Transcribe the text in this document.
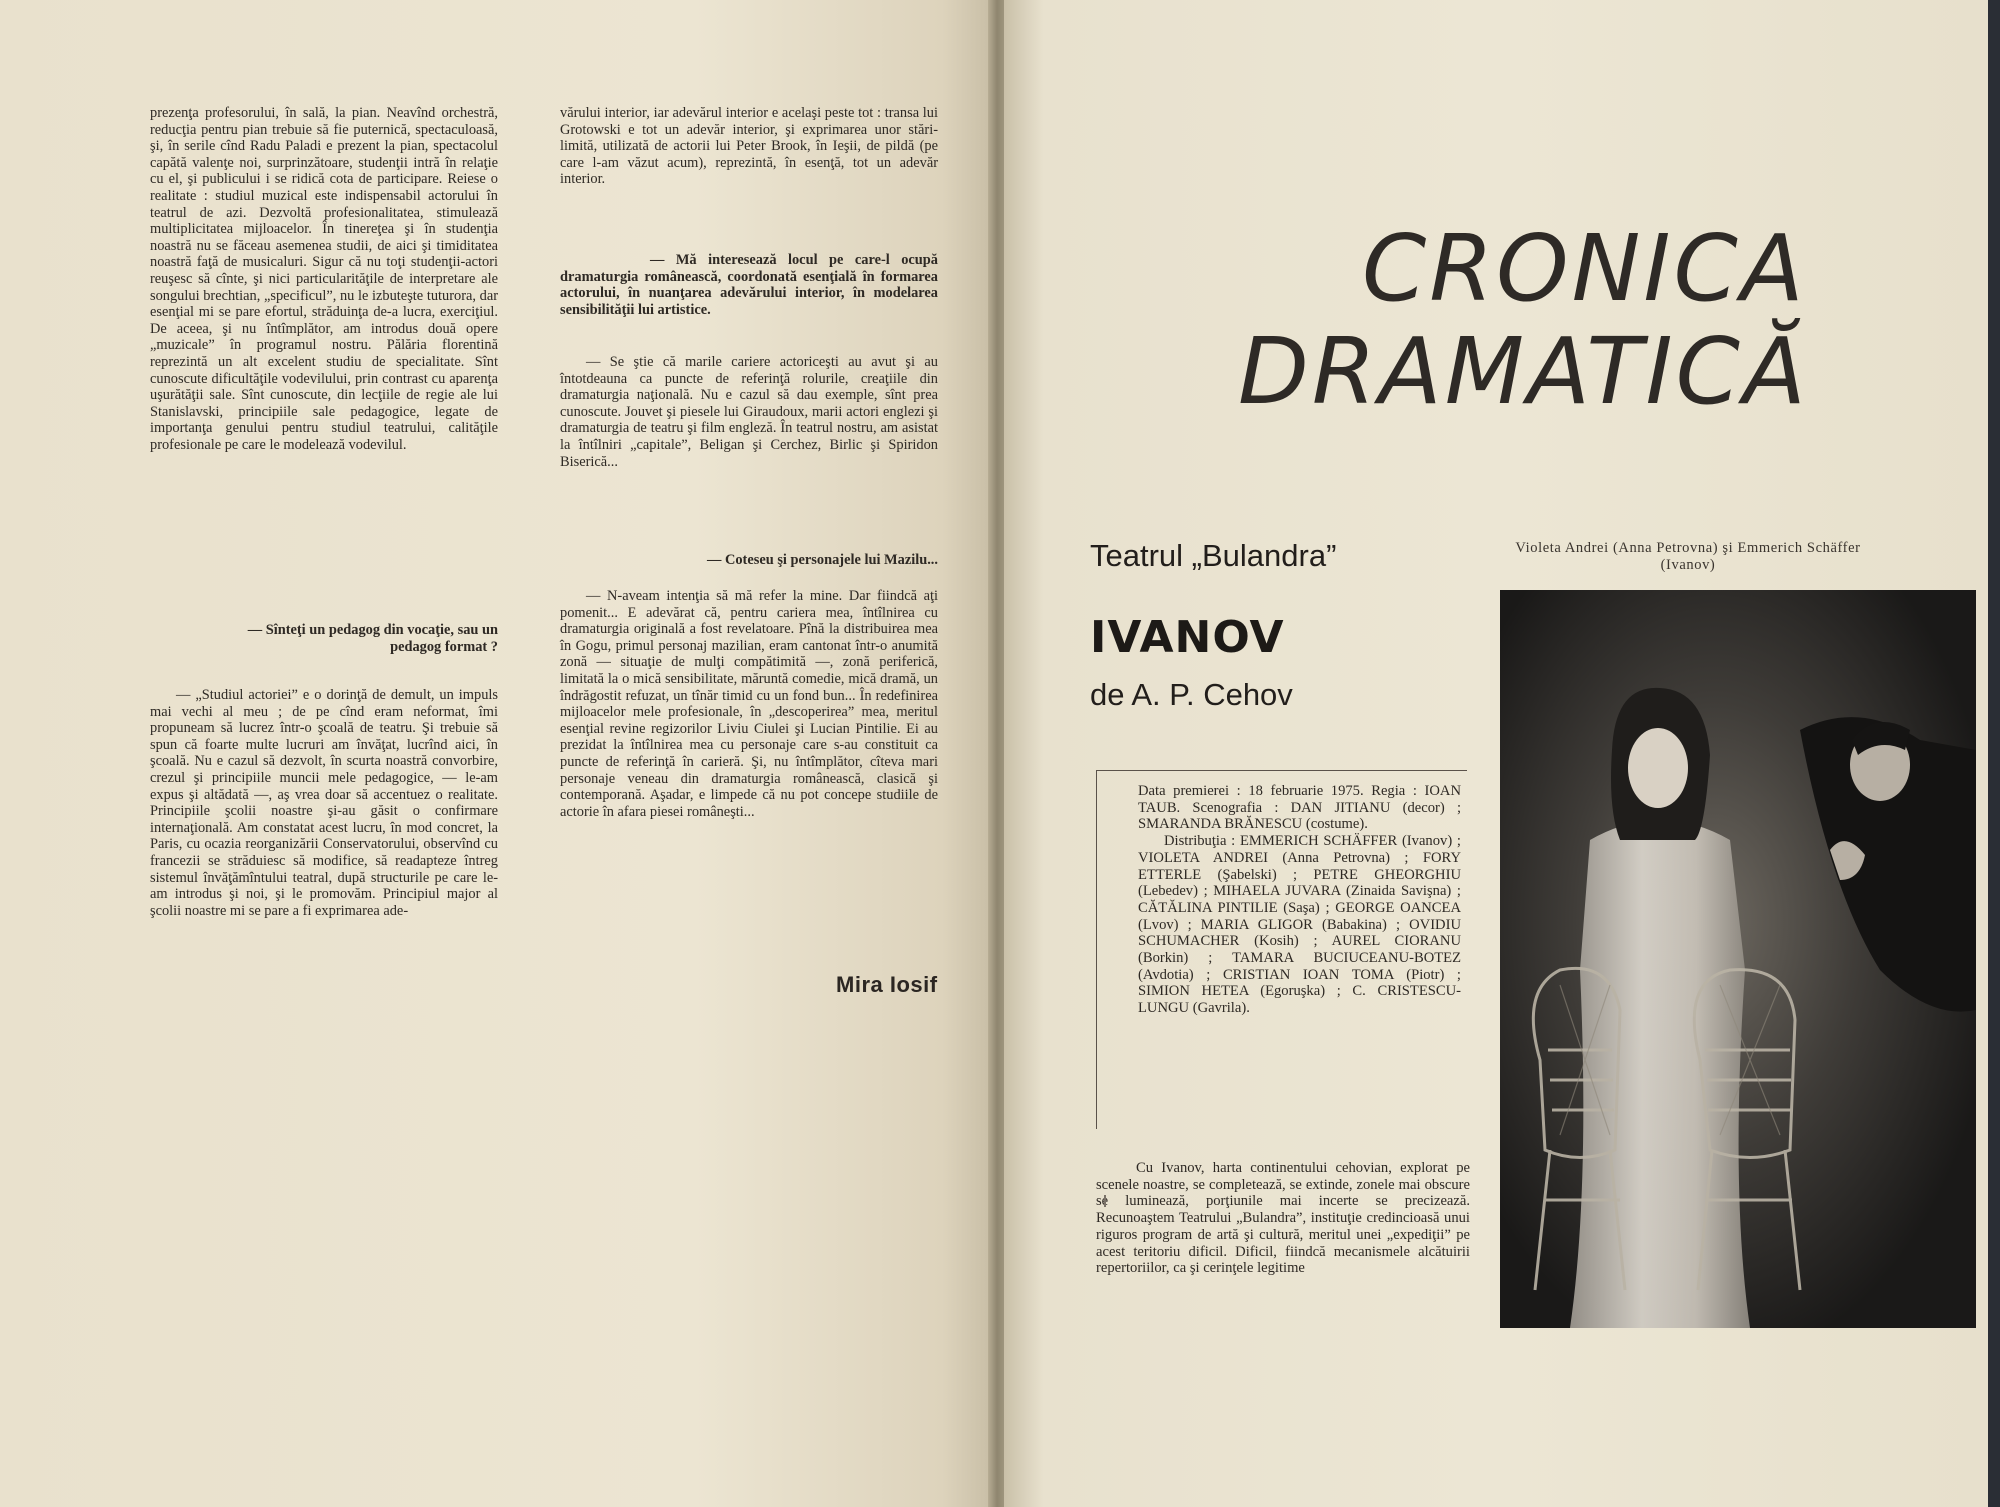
prezenţa profesorului, în sală, la pian. Neavînd orchestră, reducţia pentru pian trebuie să fie puternică, spectaculoasă, şi, în serile cînd Radu Paladi e prezent la pian, spectacolul capătă valenţe noi, surprinzătoare, studenţii intră în relaţie cu el, şi publicului i se ridică cota de participare. Reiese o realitate : studiul muzical este indispensabil actorului în teatrul de azi. Dezvoltă profesionalitatea, stimulează multiplicitatea mijloacelor. În tinereţea şi în studenţia noastră nu se făceau asemenea studii, de aici şi timiditatea noastră faţă de musicaluri. Sigur că nu toţi studenţii-actori reuşesc să cînte, şi nici particularităţile de interpretare ale songului brechtian, „specificul”, nu le izbuteşte tuturora, dar esenţial mi se pare efortul, străduinţa de-a lucra, exerciţiul. De aceea, şi nu întîmplător, am introdus două opere „muzicale” în programul nostru. Pălăria florentină reprezintă un alt excelent studiu de specialitate. Sînt cunoscute dificultăţile vodevilului, prin contrast cu aparenţa uşurătăţii sale. Sînt cunoscute, din lecţiile de regie ale lui Stanislavski, principiile sale pedagogice, legate de importanţa genului pentru studiul teatrului, calităţile profesionale pe care le modelează vodevilul.

— Sînteţi un pedagog din vocaţie, sau un pedagog format ?

— „Studiul actoriei” e o dorinţă de demult, un impuls mai vechi al meu ; de pe cînd eram neformat, îmi propuneam să lucrez într-o şcoală de teatru. Şi trebuie să spun că foarte multe lucruri am învăţat, lucrînd aici, în şcoală. Nu e cazul să dezvolt, în scurta noastră convorbire, crezul şi principiile muncii mele pedagogice, — le-am expus şi altădată —, aş vrea doar să accentuez o realitate. Principiile şcolii noastre şi-au găsit o confirmare internaţională. Am constatat acest lucru, în mod concret, la Paris, cu ocazia reorganizării Conservatorului, observînd cu francezii se străduiesc să modifice, să readapteze întreg sistemul învăţămîntului teatral, după structurile pe care le-am introdus şi noi, şi le promovăm. Principiul major al şcolii noastre mi se pare a fi exprimarea ade-

vărului interior, iar adevărul interior e acelaşi peste tot : transa lui Grotowski e tot un adevăr interior, şi exprimarea unor stări-limită, utilizată de actorii lui Peter Brook, în Ieşii, de pildă (pe care l-am văzut acum), reprezintă, în esenţă, tot un adevăr interior.

— Mă interesează locul pe care-l ocupă dramaturgia românească, coordonată esenţială în formarea actorului, în nuanţarea adevărului interior, în modelarea sensibilităţii lui artistice.

— Se ştie că marile cariere actoriceşti au avut şi au întotdeauna ca puncte de referinţă rolurile, creaţiile din dramaturgia naţională. Nu e cazul să dau exemple, sînt prea cunoscute. Jouvet şi piesele lui Giraudoux, marii actori englezi şi dramaturgia de teatru şi film engleză. În teatrul nostru, am asistat la întîlniri „capitale”, Beligan şi Cerchez, Birlic şi Spiridon Biserică...

— Coteseu şi personajele lui Mazilu...

— N-aveam intenţia să mă refer la mine. Dar fiindcă aţi pomenit... E adevărat că, pentru cariera mea, întîlnirea cu dramaturgia originală a fost revelatoare. Pînă la distribuirea mea în Gogu, primul personaj mazilian, eram cantonat într-o anumită zonă — situaţie de mulţi compătimită —, zonă periferică, limitată la o mică sensibilitate, măruntă comedie, mică dramă, un îndrăgostit refuzat, un tînăr timid cu un fond bun... În redefinirea mijloacelor mele profesionale, în „descoperirea” mea, meritul esenţial revine regizorilor Liviu Ciulei şi Lucian Pintilie. Ei au prezidat la întîlnirea mea cu personaje care s-au constituit ca puncte de referinţă în carieră. Şi, nu întîmplător, cîteva mari personaje veneau din dramaturgia românească, clasică şi contemporană. Aşadar, e limpede că nu pot concepe studiile de actorie în afara piesei româneşti...

Mira Iosif
CRONICA
DRAMATICĂ
Teatrul „Bulandra”
IVANOV
de A. P. Cehov

Data premierei : 18 februarie 1975. Regia : IOAN TAUB. Scenografia : DAN JITIANU (decor) ; SMARANDA BRĂNESCU (costume).

Distribuţia : EMMERICH SCHÄFFER (Ivanov) ; VIOLETA ANDREI (Anna Petrovna) ; FORY ETTERLE (Şabelski) ; PETRE GHEORGHIU (Lebedev) ; MIHAELA JUVARA (Zinaida Savişna) ; CĂTĂLINA PINTILIE (Saşa) ; GEORGE OANCEA (Lvov) ; MARIA GLIGOR (Babakina) ; OVIDIU SCHUMACHER (Kosih) ; AUREL CIORANU (Borkin) ; TAMARA BUCIUCEANU-BOTEZ (Avdotia) ; CRISTIAN IOAN TOMA (Piotr) ; SIMION HETEA (Egoruşka) ; C. CRISTESCU-LUNGU (Gavrila).

Violeta Andrei (Anna Petrovna) şi Emmerich Schäffer (Ivanov)

Cu Ivanov, harta continentului cehovian, explorat pe scenele noastre, se completează, se extinde, zonele mai obscure se luminează, porţiunile mai incerte se precizează. Recunoaştem Teatrului „Bulandra”, instituţie credincioasă unui riguros program de artă şi cultură, meritul unei „expediţii” pe acest teritoriu dificil. Dificil, fiindcă mecanismele alcătuirii repertoriilor, ca şi cerinţele legitime
